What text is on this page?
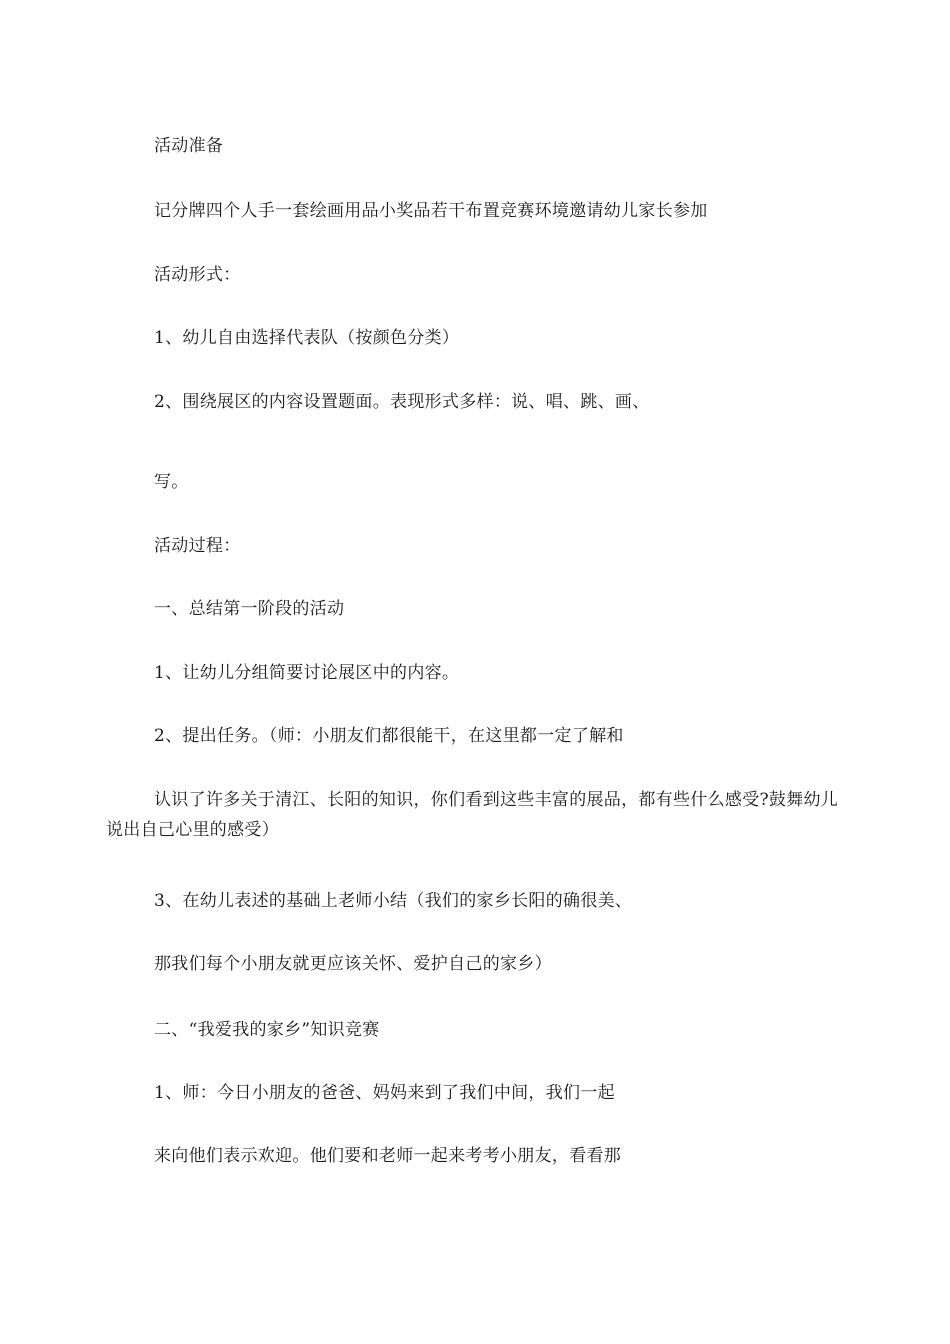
活动准备
记分牌四个人手一套绘画用品小奖品若干布置竞赛环境邀请幼儿家长参加
活动形式：
1、幼儿自由选择代表队（按颜色分类）
2、围绕展区的内容设置题面。表现形式多样：说、唱、跳、画、
写。
活动过程：
一、总结第一阶段的活动
1、让幼儿分组简要讨论展区中的内容。
2、提出任务。（师：小朋友们都很能干，在这里都一定了解和
认识了许多关于清江、长阳的知识，你们看到这些丰富的展品，都有些什么感受?鼓舞幼儿说出自己心里的感受）
3、在幼儿表述的基础上老师小结（我们的家乡长阳的确很美、
那我们每个小朋友就更应该关怀、爱护自己的家乡）
二、“我爱我的家乡”知识竞赛
1、师：今日小朋友的爸爸、妈妈来到了我们中间，我们一起
来向他们表示欢迎。他们要和老师一起来考考小朋友，看看那
